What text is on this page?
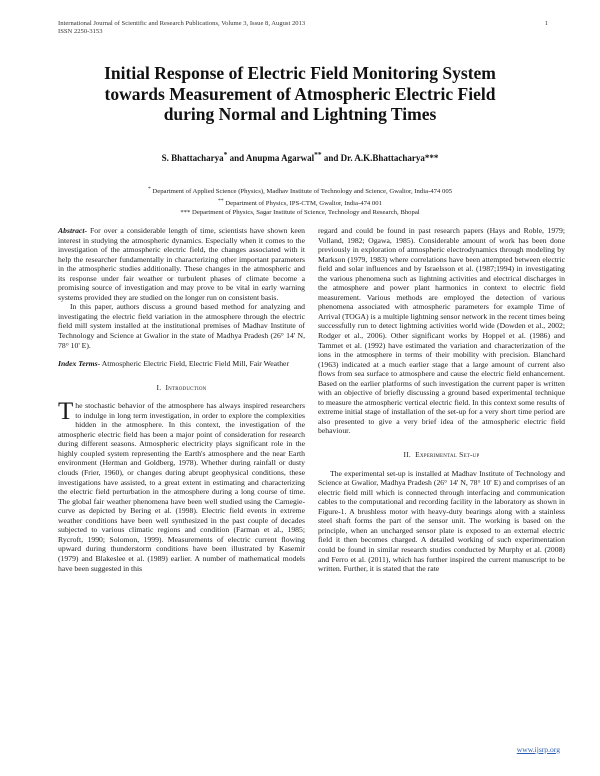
International Journal of Scientific and Research Publications, Volume 3, Issue 8, August 2013
ISSN 2250-3153
1
Initial Response of Electric Field Monitoring System
towards Measurement of Atmospheric Electric Field
during Normal and Lightning Times
S. Bhattacharya* and Anupma Agarwal** and Dr. A.K.Bhattacharya***
* Department of Applied Science (Physics), Madhav Institute of Technology and Science, Gwalior, India-474 005
** Department of Physics, IPS-CTM, Gwalior, India-474 001
*** Department of Physics, Sagar Institute of Science, Technology and Research, Bhopal

Abstract- For over a considerable length of time, scientists have shown keen interest in studying the atmospheric dynamics. Especially when it comes to the investigation of the atmospheric electric field, the changes associated with it help the researcher fundamentally in characterizing other important parameters in the atmospheric studies additionally. These changes in the atmospheric and its response under fair weather or turbulent phases of climate become a promising source of investigation and may prove to be vital in early warning systems provided they are studied on the longer run on consistent basis.

In this paper, authors discuss a ground based method for analyzing and investigating the electric field variation in the atmosphere through the electric field mill system installed at the institutional premises of Madhav Institute of Technology and Science at Gwalior in the state of Madhya Pradesh (26° 14' N, 78° 10' E).

Index Terms- Atmospheric Electric Field, Electric Field Mill, Fair Weather

I. Introduction

The stochastic behavior of the atmosphere has always inspired researchers to indulge in long term investigation, in order to explore the complexities hidden in the atmosphere. In this context, the investigation of the atmospheric electric field has been a major point of consideration for research during different seasons. Atmospheric electricity plays significant role in the highly coupled system representing the Earth's atmosphere and the near Earth environment (Herman and Goldberg, 1978). Whether during rainfall or dusty clouds (Frier, 1960), or changes during abrupt geophysical conditions, these investigations have assisted, to a great extent in estimating and characterizing the electric field perturbation in the atmosphere during a long course of time. The global fair weather phenomena have been well studied using the Carnegie-curve as depicted by Bering et al. (1998). Electric field events in extreme weather conditions have been well synthesized in the past couple of decades subjected to various climatic regions and condition (Farman et al., 1985; Rycroft, 1990; Solomon, 1999). Measurements of electric current flowing upward during thunderstorm conditions have been illustrated by Kasemir (1979) and Blakeslee et al. (1989) earlier. A number of mathematical models have been suggested in this

regard and could be found in past research papers (Hays and Roble, 1979; Volland, 1982; Ogawa, 1985). Considerable amount of work has been done previously in exploration of atmospheric electrodynamics through modeling by Markson (1979, 1983) where correlations have been attempted between electric field and solar influences and by Israelsson et al. (1987;1994) in investigating the various phenomena such as lightning activities and electrical discharges in the atmosphere and power plant harmonics in context to electric field measurement. Various methods are employed the detection of various phenomena associated with atmospheric parameters for example Time of Arrival (TOGA) is a multiple lightning sensor network in the recent times being successfully run to detect lightning activities world wide (Dowden et al., 2002; Rodger et al., 2006). Other significant works by Hoppel et al. (1986) and Tammet et al. (1992) have estimated the variation and characterization of the ions in the atmosphere in terms of their mobility with precision. Blanchard (1963) indicated at a much earlier stage that a large amount of current also flows from sea surface to atmosphere and cause the electric field enhancement. Based on the earlier platforms of such investigation the current paper is written with an objective of briefly discussing a ground based experimental technique to measure the atmospheric vertical electric field. In this context some results of extreme initial stage of installation of the set-up for a very short time period are also presented to give a very brief idea of the atmospheric electric field behaviour.

II. Experimental Set-up

The experimental set-up is installed at Madhav Institute of Technology and Science at Gwalior, Madhya Pradesh (26° 14' N, 78° 10' E) and comprises of an electric field mill which is connected through interfacing and communication cables to the computational and recording facility in the laboratory as shown in Figure-1. A brushless motor with heavy-duty bearings along with a stainless steel shaft forms the part of the sensor unit. The working is based on the principle, when an uncharged sensor plate is exposed to an external electric field it then becomes charged. A detailed working of such experimentation could be found in similar research studies conducted by Murphy et al. (2008) and Ferro et al. (2011), which has further inspired the current manuscript to be written. Further, it is stated that the rate

www.ijsrp.org
